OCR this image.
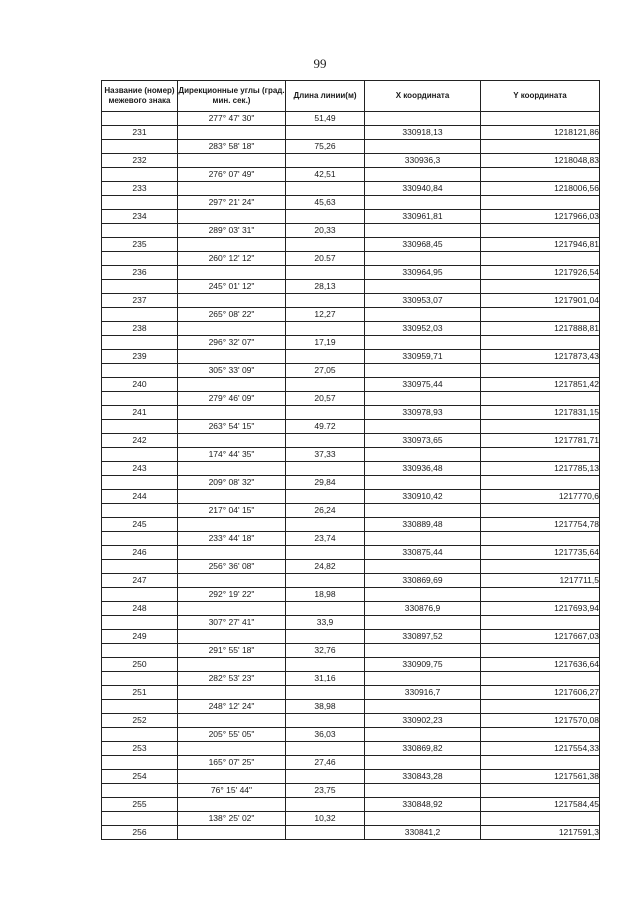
99
Название (номер) межевого знака	Дирекционные углы (град. мин. сек.)	Длина линии(м)	X координата	Y координата
	277° 47' 30"	51,49		
231			330918,13	1218121,86
	283° 58' 18"	75,26		
232			330936,3	1218048,83
	276° 07' 49"	42,51		
233			330940,84	1218006,56
	297° 21' 24"	45,63		
234			330961,81	1217966,03
	289° 03' 31"	20,33		
235			330968,45	1217946,81
	260° 12' 12"	20.57		
236			330964,95	1217926,54
	245° 01' 12"	28,13		
237			330953,07	1217901,04
	265° 08' 22"	12,27		
238			330952,03	1217888,81
	296° 32' 07"	17,19		
239			330959,71	1217873,43
	305° 33' 09"	27,05		
240			330975,44	1217851,42
	279° 46' 09"	20,57		
241			330978,93	1217831,15
	263° 54' 15"	49.72		
242			330973,65	1217781,71
	174° 44' 35"	37,33		
243			330936,48	1217785,13
	209° 08' 32"	29,84		
244			330910,42	1217770,6
	217° 04' 15"	26,24		
245			330889,48	1217754,78
	233° 44' 18"	23,74		
246			330875,44	1217735,64
	256° 36' 08"	24,82		
247			330869,69	1217711,5
	292° 19' 22"	18,98		
248			330876,9	1217693,94
	307° 27' 41"	33,9		
249			330897,52	1217667,03
	291° 55' 18"	32,76		
250			330909,75	1217636,64
	282° 53' 23"	31,16		
251			330916,7	1217606,27
	248° 12' 24"	38,98		
252			330902,23	1217570,08
	205° 55' 05"	36,03		
253			330869,82	1217554,33
	165° 07' 25"	27,46		
254			330843,28	1217561,38
	76° 15' 44"	23,75		
255			330848,92	1217584,45
	138° 25' 02"	10,32		
256			330841,2	1217591,3
